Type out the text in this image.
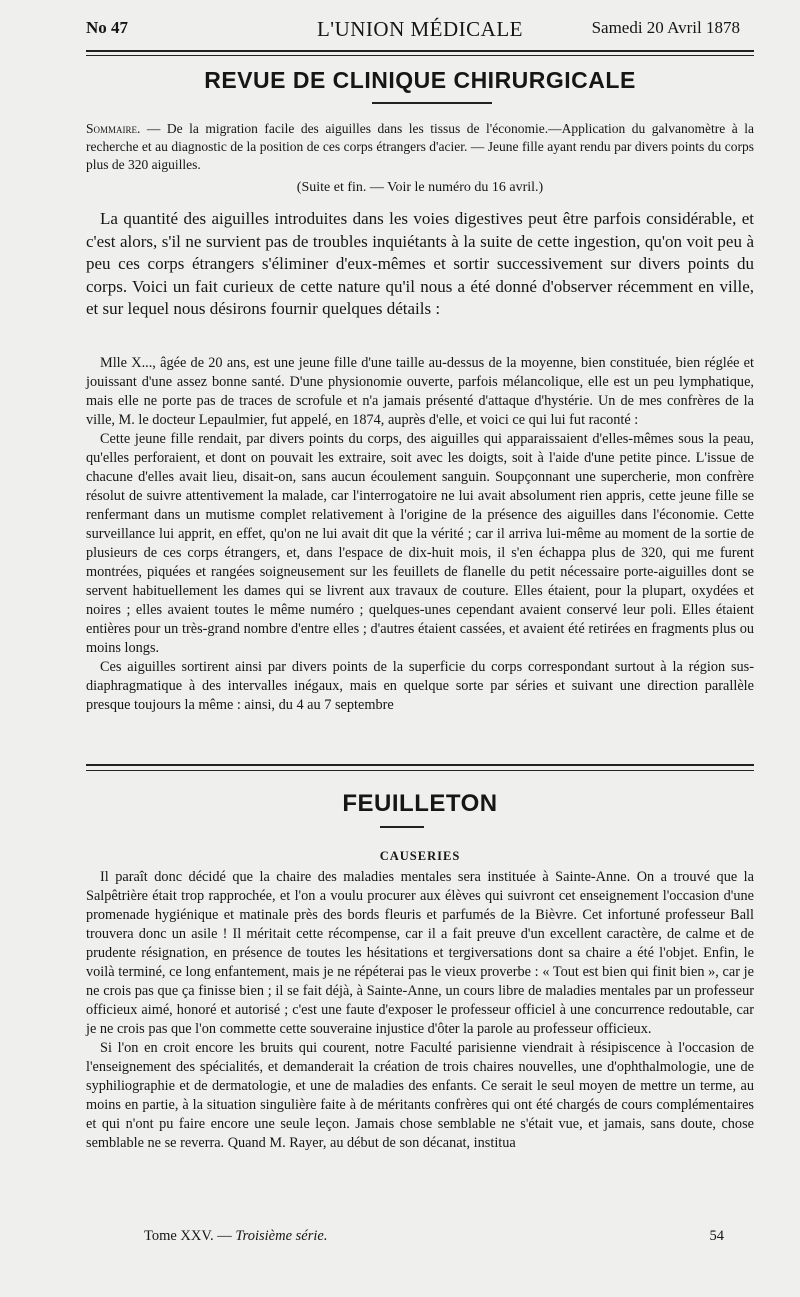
No 47	L'UNION MÉDICALE	Samedi 20 Avril 1878
REVUE DE CLINIQUE CHIRURGICALE
Sommaire. — De la migration facile des aiguilles dans les tissus de l'économie.—Application du galvanomètre à la recherche et au diagnostic de la position de ces corps étrangers d'acier. — Jeune fille ayant rendu par divers points du corps plus de 320 aiguilles.
(Suite et fin. — Voir le numéro du 16 avril.)
La quantité des aiguilles introduites dans les voies digestives peut être parfois considérable, et c'est alors, s'il ne survient pas de troubles inquiétants à la suite de cette ingestion, qu'on voit peu à peu ces corps étrangers s'éliminer d'eux-mêmes et sortir successivement sur divers points du corps. Voici un fait curieux de cette nature qu'il nous a été donné d'observer récemment en ville, et sur lequel nous désirons fournir quelques détails :

Mlle X..., âgée de 20 ans, est une jeune fille d'une taille au-dessus de la moyenne, bien constituée, bien réglée et jouissant d'une assez bonne santé. D'une physionomie ouverte, parfois mélancolique, elle est un peu lymphatique, mais elle ne porte pas de traces de scrofule et n'a jamais présenté d'attaque d'hystérie. Un de mes confrères de la ville, M. le docteur Lepaulmier, fut appelé, en 1874, auprès d'elle, et voici ce qui lui fut raconté :

Cette jeune fille rendait, par divers points du corps, des aiguilles qui apparaissaient d'elles-mêmes sous la peau, qu'elles perforaient, et dont on pouvait les extraire, soit avec les doigts, soit à l'aide d'une petite pince. L'issue de chacune d'elles avait lieu, disait-on, sans aucun écoulement sanguin. Soupçonnant une supercherie, mon confrère résolut de suivre attentivement la malade, car l'interrogatoire ne lui avait absolument rien appris, cette jeune fille se renfermant dans un mutisme complet relativement à l'origine de la présence des aiguilles dans l'économie. Cette surveillance lui apprit, en effet, qu'on ne lui avait dit que la vérité ; car il arriva lui-même au moment de la sortie de plusieurs de ces corps étrangers, et, dans l'espace de dix-huit mois, il s'en échappa plus de 320, qui me furent montrées, piquées et rangées soigneusement sur les feuillets de flanelle du petit nécessaire porte-aiguilles dont se servent habituellement les dames qui se livrent aux travaux de couture. Elles étaient, pour la plupart, oxydées et noires ; elles avaient toutes le même numéro ; quelques-unes cependant avaient conservé leur poli. Elles étaient entières pour un très-grand nombre d'entre elles ; d'autres étaient cassées, et avaient été retirées en fragments plus ou moins longs.

Ces aiguilles sortirent ainsi par divers points de la superficie du corps correspondant surtout à la région sus-diaphragmatique à des intervalles inégaux, mais en quelque sorte par séries et suivant une direction parallèle presque toujours la même : ainsi, du 4 au 7 septembre

FEUILLETON
CAUSERIES

Il paraît donc décidé que la chaire des maladies mentales sera instituée à Sainte-Anne. On a trouvé que la Salpêtrière était trop rapprochée, et l'on a voulu procurer aux élèves qui suivront cet enseignement l'occasion d'une promenade hygiénique et matinale près des bords fleuris et parfumés de la Bièvre. Cet infortuné professeur Ball trouvera donc un asile ! Il méritait cette récompense, car il a fait preuve d'un excellent caractère, de calme et de prudente résignation, en présence de toutes les hésitations et tergiversations dont sa chaire a été l'objet. Enfin, le voilà terminé, ce long enfantement, mais je ne répéterai pas le vieux proverbe : « Tout est bien qui finit bien », car je ne crois pas que ça finisse bien ; il se fait déjà, à Sainte-Anne, un cours libre de maladies mentales par un professeur officieux aimé, honoré et autorisé ; c'est une faute d'exposer le professeur officiel à une concurrence redoutable, car je ne crois pas que l'on commette cette souveraine injustice d'ôter la parole au professeur officieux.

Si l'on en croit encore les bruits qui courent, notre Faculté parisienne viendrait à résipiscence à l'occasion de l'enseignement des spécialités, et demanderait la création de trois chaires nouvelles, une d'ophthalmologie, une de syphiliographie et de dermatologie, et une de maladies des enfants. Ce serait le seul moyen de mettre un terme, au moins en partie, à la situation singulière faite à de méritants confrères qui ont été chargés de cours complémentaires et qui n'ont pu faire encore une seule leçon. Jamais chose semblable ne s'était vue, et jamais, sans doute, chose semblable ne se reverra. Quand M. Rayer, au début de son décanat, institua

Tome XXV. — Troisième série.	54
